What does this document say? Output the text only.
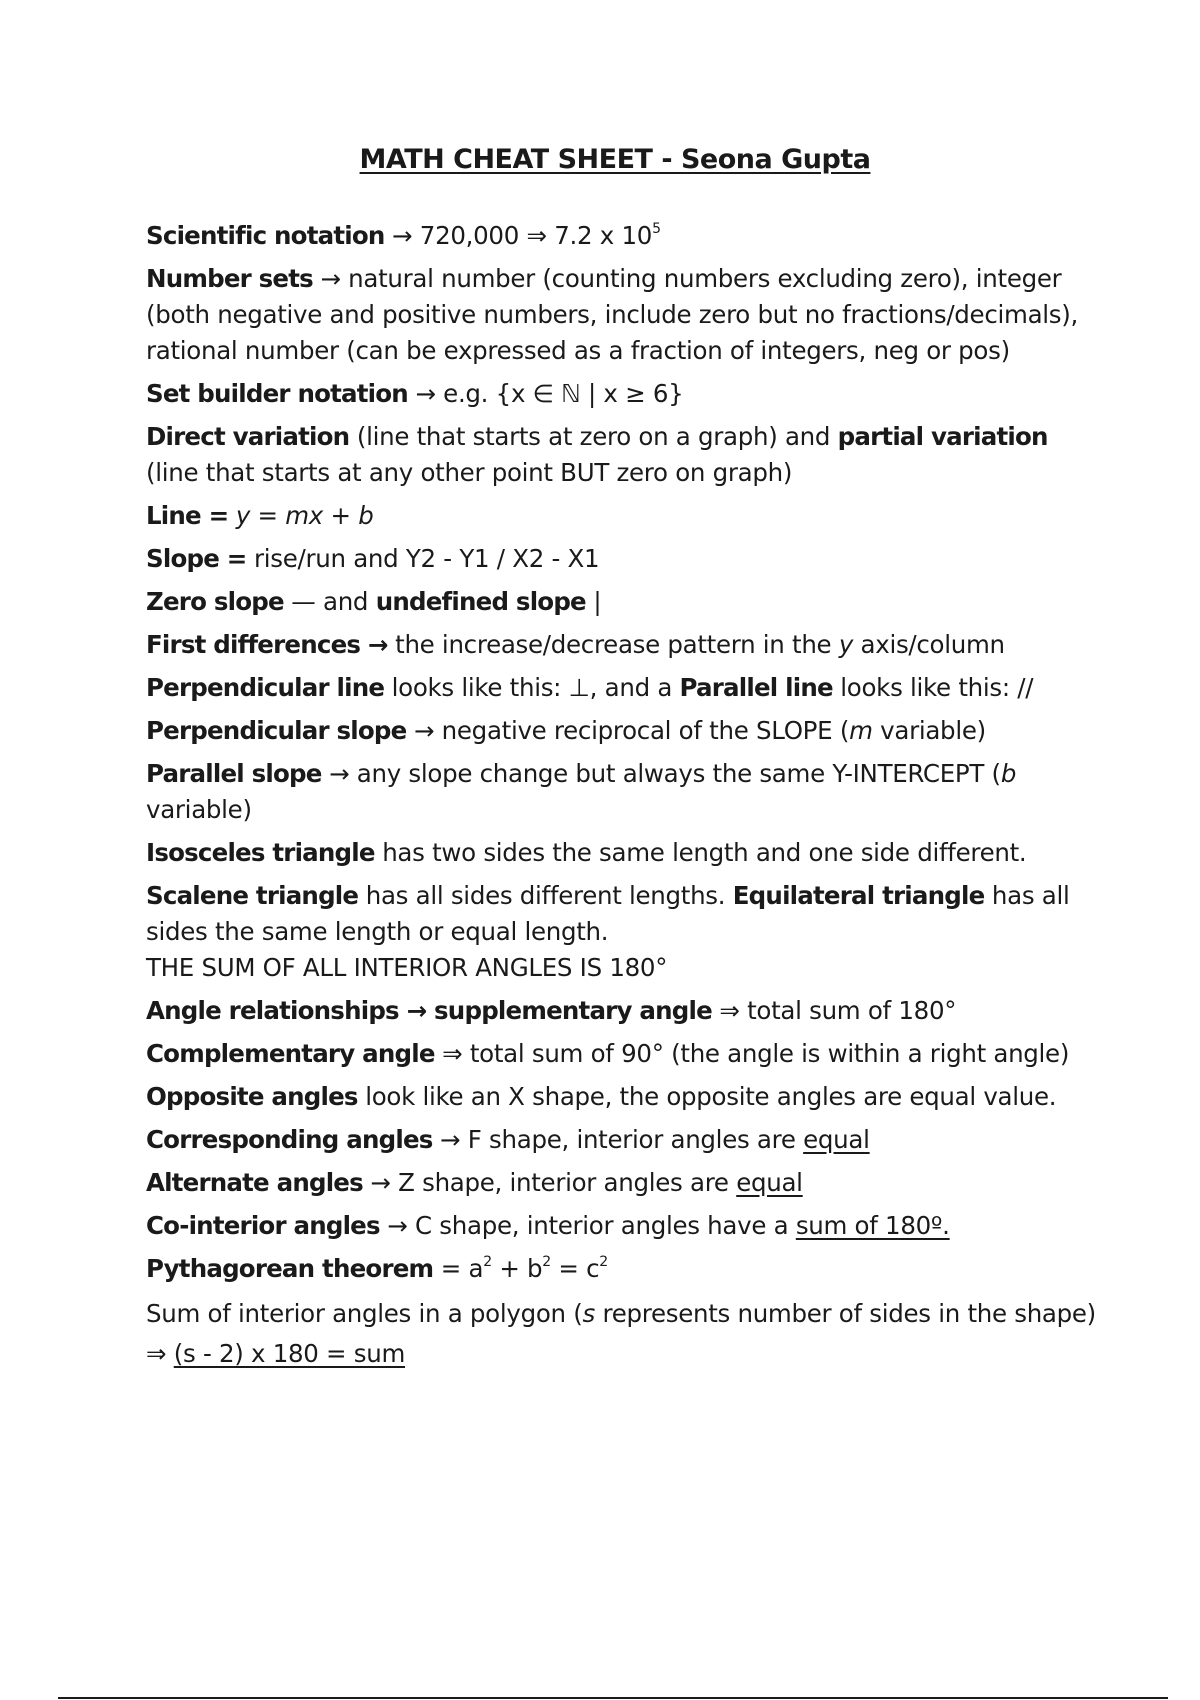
MATH CHEAT SHEET - Seona Gupta
Scientific notation → 720,000 ⇒ 7.2 x $10^5$
Number sets → natural number (counting numbers excluding zero), integer (both negative and positive numbers, include zero but no fractions/decimals), rational number (can be expressed as a fraction of integers, neg or pos)
Set builder notation → e.g. {x ∈ ℕ | x ≥ 6}
Direct variation (line that starts at zero on a graph) and partial variation (line that starts at any other point BUT zero on graph)
Line = y = mx + b
Slope = rise/run and Y2 - Y1 / X2 - X1
Zero slope — and undefined slope |
First differences → the increase/decrease pattern in the y axis/column
Perpendicular line looks like this: ⊥, and a Parallel line looks like this: //
Perpendicular slope → negative reciprocal of the SLOPE (m variable)
Parallel slope → any slope change but always the same Y-INTERCEPT (b variable)
Isosceles triangle has two sides the same length and one side different.
Scalene triangle has all sides different lengths. Equilateral triangle has all sides the same length or equal length.
THE SUM OF ALL INTERIOR ANGLES IS 180°
Angle relationships → supplementary angle ⇒ total sum of 180°
Complementary angle ⇒ total sum of 90° (the angle is within a right angle)
Opposite angles look like an X shape, the opposite angles are equal value.
Corresponding angles → F shape, interior angles are equal
Alternate angles → Z shape, interior angles are equal
Co-interior angles → C shape, interior angles have a sum of 180º.
Pythagorean theorem = $a^2 + b^2 = c^2$
Sum of interior angles in a polygon (s represents number of sides in the shape) ⇒ (s - 2) x 180 = sum
